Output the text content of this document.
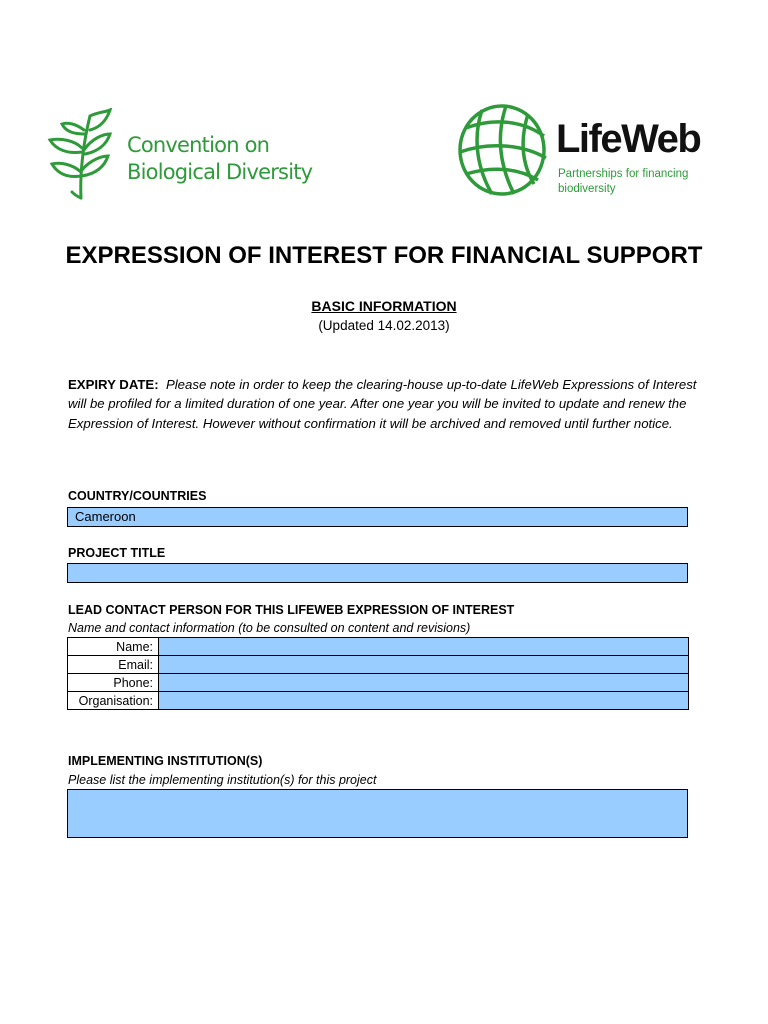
Convention on
Biological Diversity
LifeWeb
Partnerships for financing
biodiversity
EXPRESSION OF INTEREST FOR FINANCIAL SUPPORT
BASIC INFORMATION
(Updated 14.02.2013)
EXPIRY DATE: Please note in order to keep the clearing-house up-to-date LifeWeb Expressions of Interest will be profiled for a limited duration of one year. After one year you will be invited to update and renew the Expression of Interest. However without confirmation it will be archived and removed until further notice.
COUNTRY/COUNTRIES
Cameroon
PROJECT TITLE
LEAD CONTACT PERSON FOR THIS LIFEWEB EXPRESSION OF INTEREST
Name and contact information (to be consulted on content and revisions)
Name:	
Email:	
Phone:	
Organisation:	
IMPLEMENTING INSTITUTION(S)
Please list the implementing institution(s) for this project
